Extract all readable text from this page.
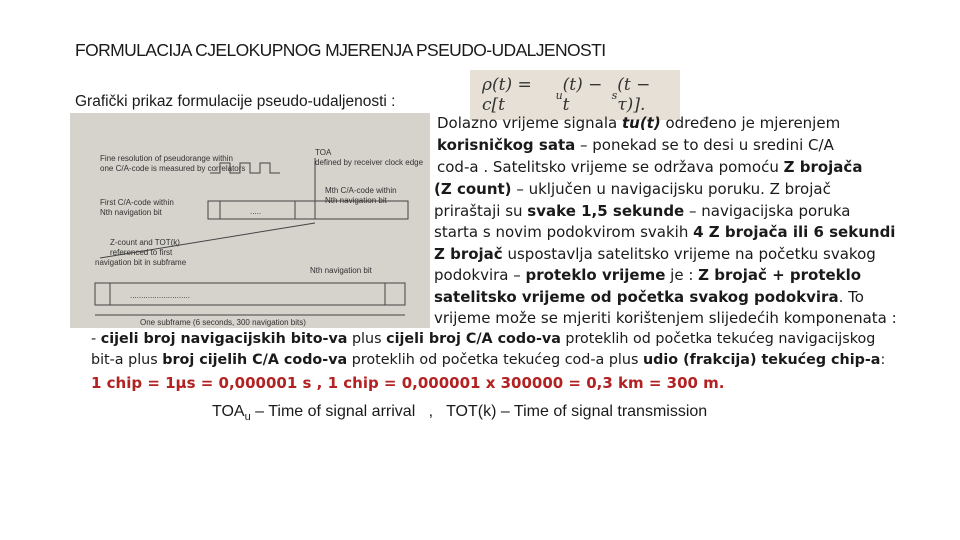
FORMULACIJA CJELOKUPNOG MJERENJA PSEUDO-UDALJENOSTI
Grafički prikaz formulacije pseudo-udaljenosti :
ρ(t) = c[t	u (t) − t	s (t − τ)].
.....
...........................
Fine resolution of pseudorange within
one C/A-code is measured by correlators
TOA
defined by receiver clock edge
Mth C/A-code within
Nth navigation bit
First C/A-code within
Nth navigation bit
Z-count and TOT(k)
referenced to first
navigation bit in subframe
Nth navigation bit
One subframe (6 seconds, 300 navigation bits)
Dolazno vrijeme signala tu(t) određeno je mjerenjem
korisničkog sata – ponekad se to desi u sredini C/A
cod-a . Satelitsko vrijeme se održava pomoću Z brojača
(Z count) – uključen u navigacijsku poruku. Z brojač
priraštaji su svake 1,5 sekunde – navigacijska poruka
starta s novim podokvirom svakih 4 Z brojača ili 6 sekundi
Z brojač uspostavlja satelitsko vrijeme na početku svakog
podokvira – proteklo vrijeme je : Z brojač + proteklo
satelitsko vrijeme od početka svakog podokvira. To
vrijeme može se mjeriti korištenjem slijedećih komponenata :
- cijeli broj navigacijskih bito-va plus cijeli broj C/A codo-va proteklih od početka tekućeg navigacijskog
bit-a plus broj cijelih C/A codo-va proteklih od početka tekućeg cod-a plus udio (frakcija) tekućeg chip-a:
1 chip = 1μs = 0,000001 s , 1 chip = 0,000001 x 300000 = 0,3 km = 300 m.
$TOA_u$ – Time of signal arrival   ,   TOT(k) – Time of signal transmission
